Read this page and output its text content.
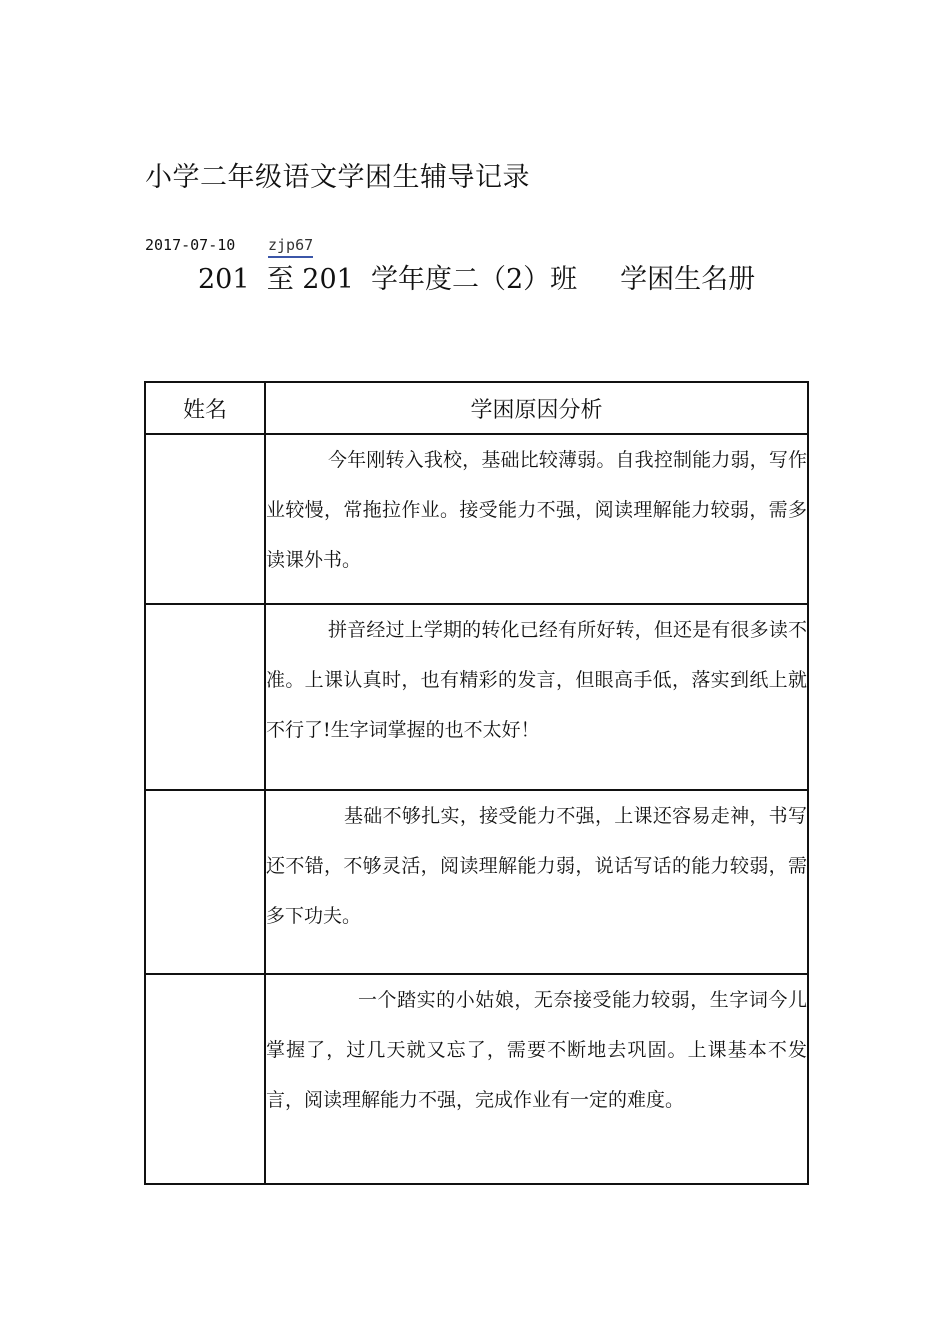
小学二年级语文学困生辅导记录
2017-07-10 zjp67
201  至 201  学年度二（2）班     学困生名册
姓名	学困原因分析
	今年刚转入我校，基础比较薄弱。自我控制能力弱，写作业较慢，常拖拉作业。接受能力不强，阅读理解能力较弱，需多读课外书。
	拼音经过上学期的转化已经有所好转，但还是有很多读不准。上课认真时，也有精彩的发言，但眼高手低，落实到纸上就不行了!生字词掌握的也不太好！
	基础不够扎实，接受能力不强，上课还容易走神，书写还不错，不够灵活，阅读理解能力弱，说话写话的能力较弱，需多下功夫。
	一个踏实的小姑娘，无奈接受能力较弱，生字词今儿掌握了，过几天就又忘了，需要不断地去巩固。上课基本不发言，阅读理解能力不强，完成作业有一定的难度。
